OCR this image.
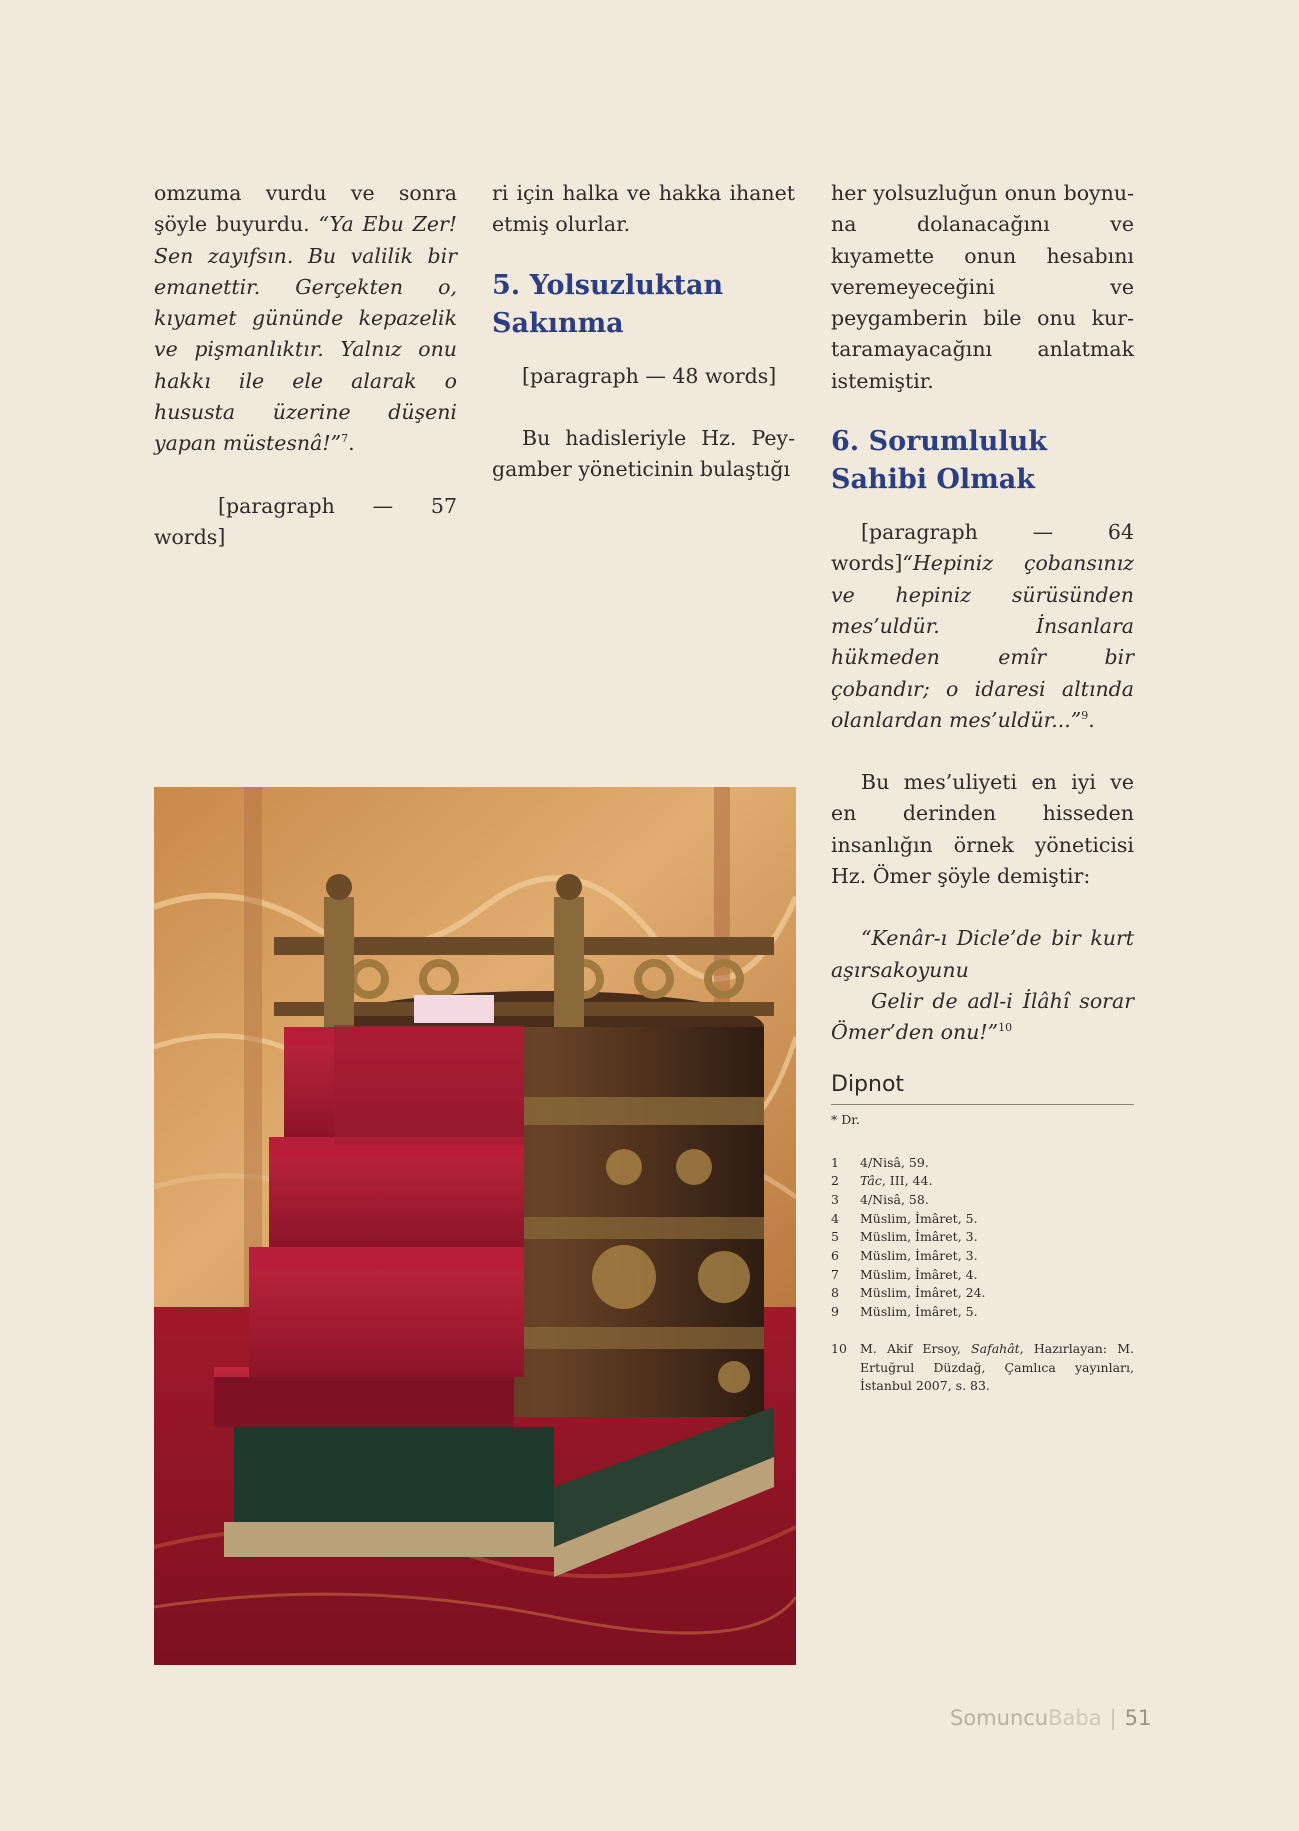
omzuma vurdu ve sonra şöyle buyurdu. “Ya Ebu Zer! Sen zayıfsın. Bu valilik bir emanettir. Gerçekten o, kıyamet gününde kepazelik ve pişmanlıktır. Yalnız onu hakkı ile ele alarak o hususta üzerine düşeni yapan müstesnâ!”$^7$.

[paragraph — 57 words]

ri için halka ve hakka ihanet etmiş olurlar.

5. Yolsuzluktan
Sakınma

[paragraph — 48 words]

Bu hadisleriyle Hz. Peygamber yöneticinin bulaştığı

her yolsuzluğun onun boynuna dolanacağını ve kıyamette onun hesabını veremeyeceğini ve peygamberin bile onu kurtaramayacağını anlatmak istemiştir.

6. Sorumluluk
Sahibi Olmak

[paragraph — 64 words]“Hepiniz çobansınız ve hepiniz sürüsünden mes’uldür. İnsanlara hükmeden emîr bir çobandır; o idaresi altında olanlardan mes’uldür...”$^9$.

Bu mes’uliyeti en iyi ve en derinden hisseden insanlığın örnek yöneticisi Hz. Ömer şöyle demiştir:

“Kenâr-ı Dicle’de bir kurt aşırsakoyunu

Gelir de adl-i İlâhî sorar Ömer’den onu!”$^{10}$

Dipnot

* Dr.
1	4/Nisâ, 59.
2	Tâc, III, 44.
3	4/Nisâ, 58.
4	Müslim, İmâret, 5.
5	Müslim, İmâret, 3.
6	Müslim, İmâret, 3.
7	Müslim, İmâret, 4.
8	Müslim, İmâret, 24.
9	Müslim, İmâret, 5.
10	M. Akif Ersoy, Safahât, Hazırlayan: M. Ertuğrul Düzdağ, Çamlıca yayınları, İstanbul 2007, s. 83.
SomuncuBaba | 51
